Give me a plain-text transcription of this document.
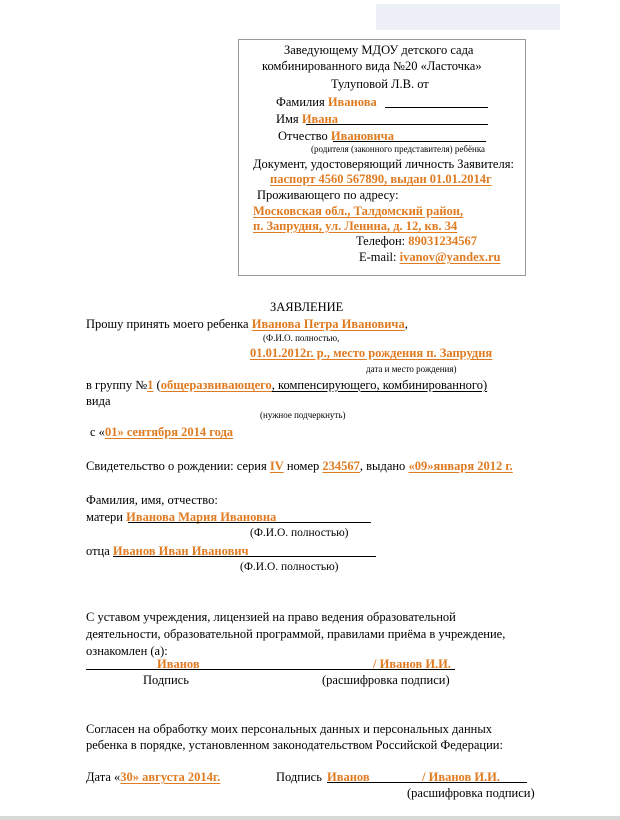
Заведующему МДОУ детского сада
комбинированного вида №20 «Ласточка»
Тулуповой Л.В. от
Фамилия Иванова
Имя Ивана
Отчество Ивановича
(родителя (законного представителя) ребёнка
Документ, удостоверяющий личность Заявителя:
паспорт 4560 567890, выдан 01.01.2014г
Проживающего по адресу:
Московская обл., Талдомский район,
п. Запрудня, ул. Ленина, д. 12, кв. 34
Телефон: 89031234567
E-mail: ivanov@yandex.ru
ЗАЯВЛЕНИЕ
Прошу принять моего ребенка Иванова Петра Ивановича,
(Ф.И.О. полностью,
01.01.2012г. р., место рождения п. Запрудня
дата и место рождения)
в группу №1 (общеразвивающего, компенсирующего, комбинированного)
вида
(нужное подчеркнуть)
с «01» сентября 2014 года
Свидетельство о рождении: серия IV номер 234567, выдано «09»января 2012 г.
Фамилия, имя, отчество:
матери Иванова Мария Ивановна
(Ф.И.О. полностью)
отца Иванов Иван Иванович
(Ф.И.О. полностью)
С уставом учреждения, лицензией на право ведения образовательной
деятельности, образовательной программой, правилами приёма в учреждение,
ознакомлен (а):
Иванов	/ Иванов И.И.
Подпись	(расшифровка подписи)
Согласен на обработку моих персональных данных и персональных данных
ребенка в порядке, установленном законодательством Российской Федерации:
Дата «30» августа 2014г.	Подпись Иванов	/ Иванов И.И.
(расшифровка подписи)
